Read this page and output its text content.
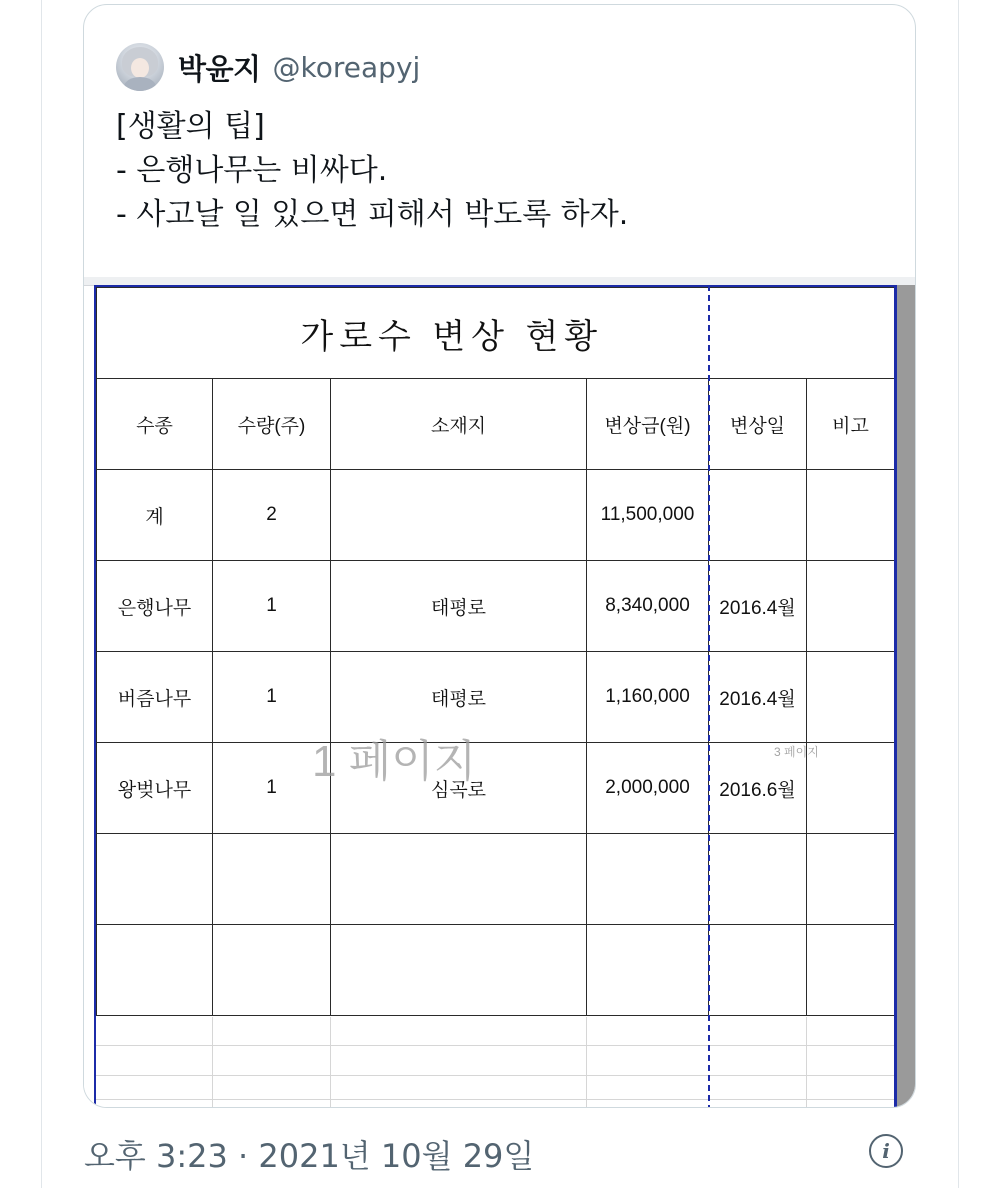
박윤지 @koreapyj
[생활의 팁]
- 은행나무는 비싸다.
- 사고날 일 있으면 피해서 박도록 하자.
가로수 변상 현황					
수종	수량(주)	소재지	변상금(원)	변상일	비고
계	2		11,500,000		
은행나무	1	태평로	8,340,000	2016.4월	
버즘나무	1	태평로	1,160,000	2016.4월	
왕벚나무	1	심곡로	2,000,000	2016.6월	

1 페이지	3 페이지
오후 3:23 · 2021년 10월 29일	i
